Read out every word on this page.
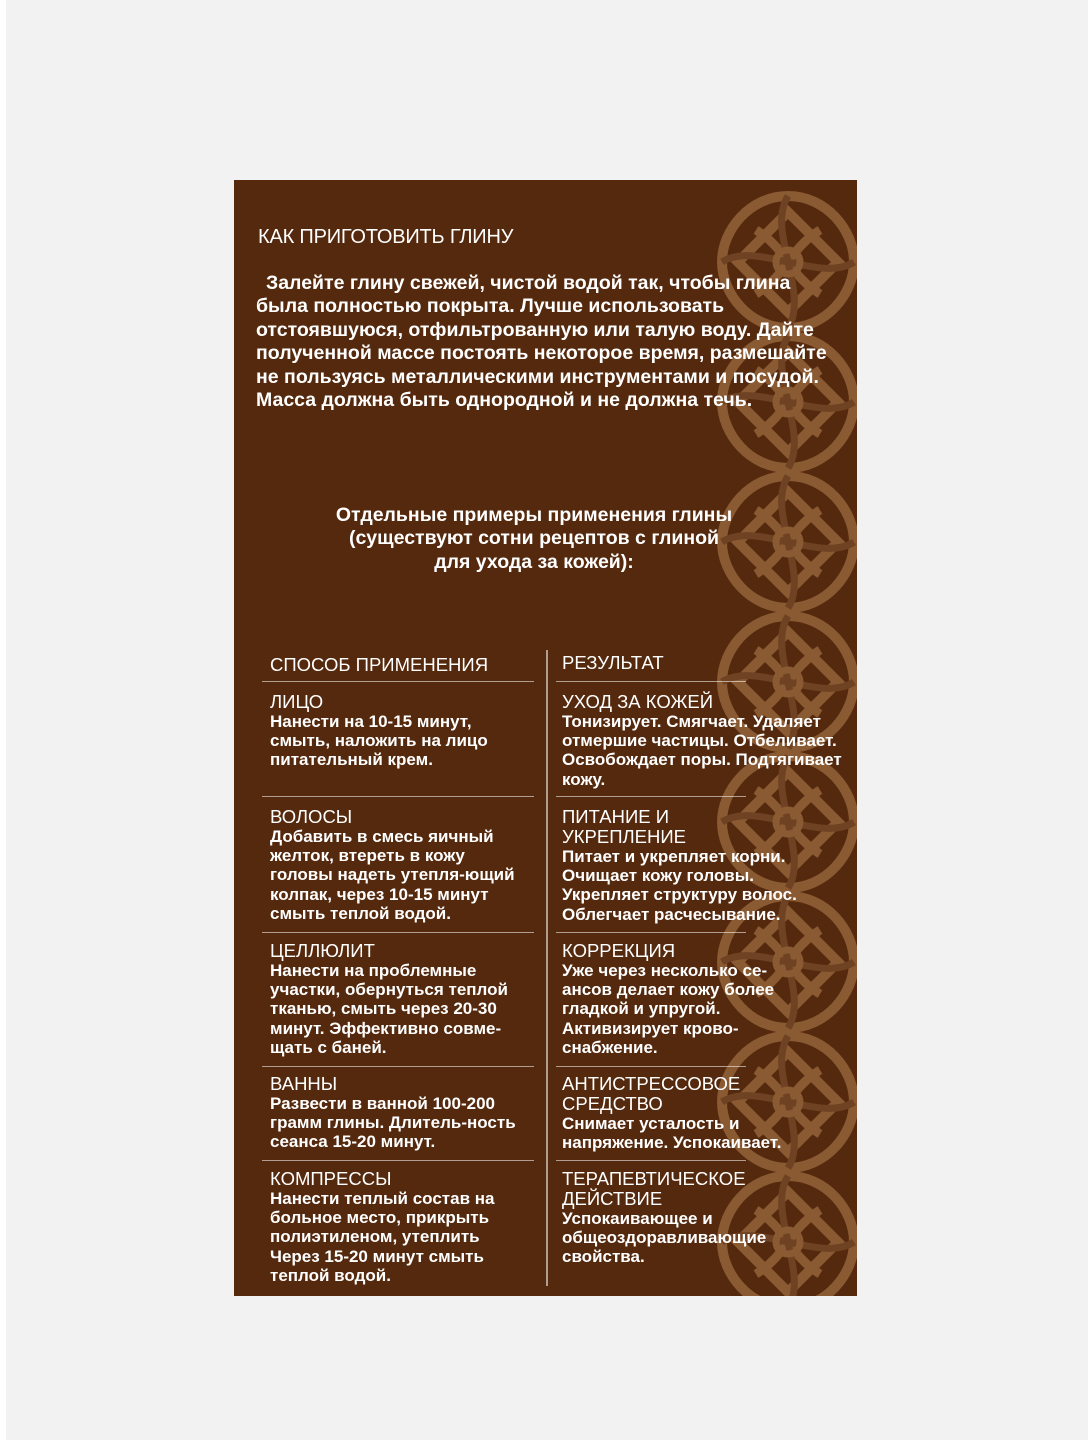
КАК ПРИГОТОВИТЬ ГЛИНУ
Залейте глину свежей, чистой водой так, чтобы глина была полностью покрыта. Лучше использовать отстоявшуюся, отфильтрованную или талую воду. Дайте полученной массе постоять некоторое время, размешайте не пользуясь металлическими инструментами и посудой. Масса должна быть однородной и не должна течь.
Отдельные примеры применения глины
(существуют сотни рецептов с глиной
для ухода за кожей):
СПОСОБ ПРИМЕНЕНИЯ	РЕЗУЛЬТАТ
ЛИЦО
Нанести на 10-15 минут, смыть, наложить на лицо питательный крем.
УХОД ЗА КОЖЕЙ
Тонизирует. Смягчает. Удаляет отмершие частицы. Отбеливает. Освобождает поры. Подтягивает кожу.
ВОЛОСЫ
Добавить в смесь яичный желток, втереть в кожу головы надеть утепля-ющий колпак, через 10-15 минут смыть теплой водой.
ПИТАНИЕ И УКРЕПЛЕНИЕ
Питает и укрепляет корни. Очищает кожу головы. Укрепляет структуру волос. Облегчает расчесывание.
ЦЕЛЛЮЛИТ
Нанести на проблемные участки, обернуться теплой тканью, смыть через 20-30 минут. Эффективно совме-щать с баней.
КОРРЕКЦИЯ
Уже через несколько се-ансов делает кожу более гладкой и упругой. Активизирует крово-снабжение.
ВАННЫ
Развести в ванной 100-200 грамм глины. Длитель-ность сеанса 15-20 минут.
АНТИСТРЕССОВОЕ СРЕДСТВО
Снимает усталость и напряжение. Успокаивает.
КОМПРЕССЫ
Нанести теплый состав на больное место, прикрыть полиэтиленом, утеплить Через 15-20 минут смыть теплой водой.
ТЕРАПЕВТИЧЕСКОЕ ДЕЙСТВИЕ
Успокаивающее и общеоздоравливающие свойства.
